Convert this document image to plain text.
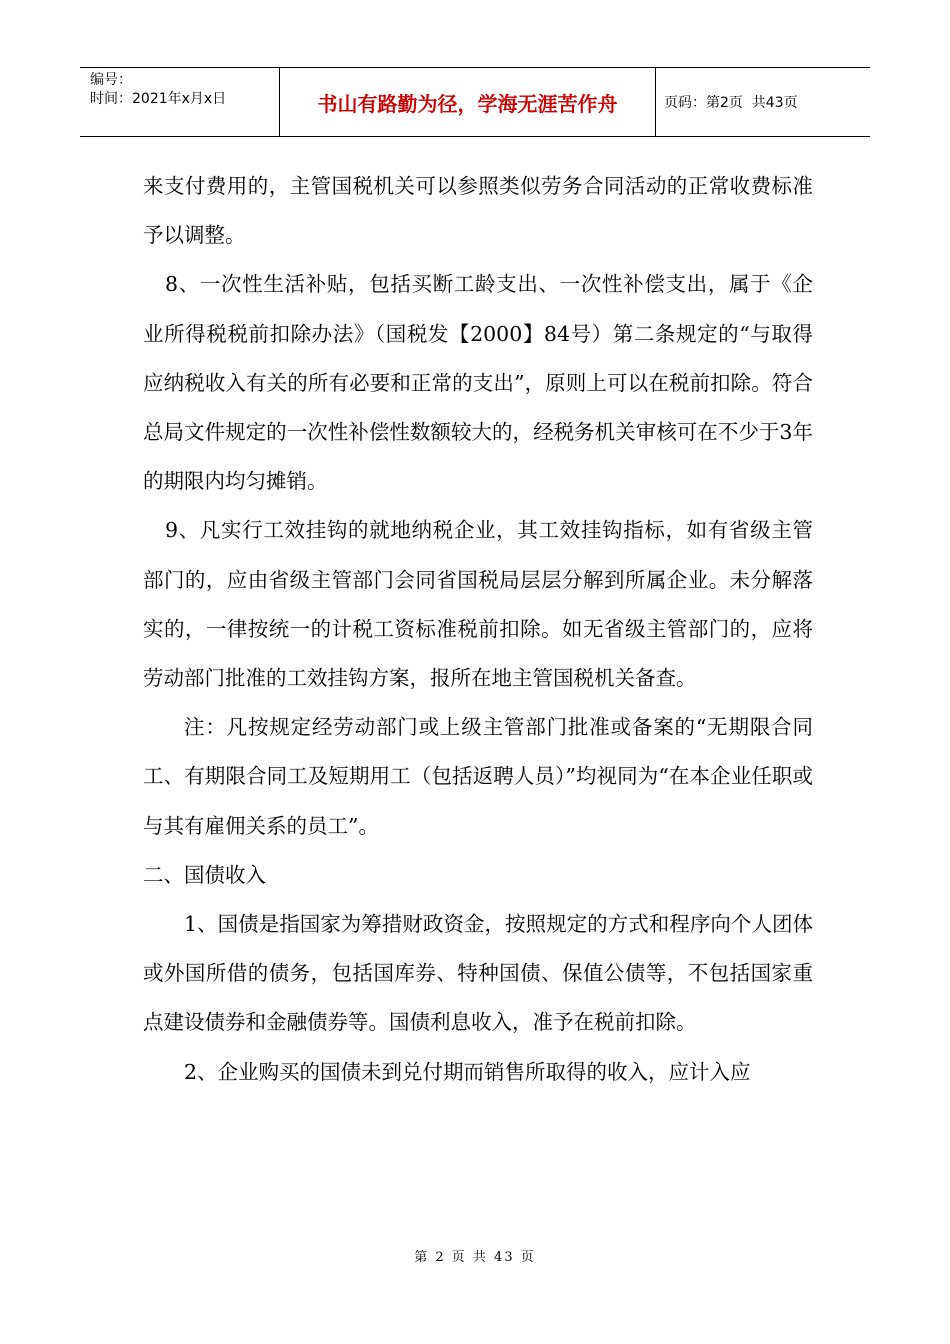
编号：
时间：2021年x月x日	书山有路勤为径，学海无涯苦作舟	页码：第2页  共43页

来支付费用的，主管国税机关可以参照类似劳务合同活动的正常收费标准予以调整。

8、一次性生活补贴，包括买断工龄支出、一次性补偿支出，属于《企业所得税税前扣除办法》（国税发【2000】84号）第二条规定的“与取得应纳税收入有关的所有必要和正常的支出”，原则上可以在税前扣除。符合总局文件规定的一次性补偿性数额较大的，经税务机关审核可在不少于3年的期限内均匀摊销。

9、凡实行工效挂钩的就地纳税企业，其工效挂钩指标，如有省级主管部门的，应由省级主管部门会同省国税局层层分解到所属企业。未分解落实的，一律按统一的计税工资标准税前扣除。如无省级主管部门的，应将劳动部门批准的工效挂钩方案，报所在地主管国税机关备查。

注：凡按规定经劳动部门或上级主管部门批准或备案的“无期限合同工、有期限合同工及短期用工（包括返聘人员）”均视同为“在本企业任职或与其有雇佣关系的员工”。

二、国债收入

1、国债是指国家为筹措财政资金，按照规定的方式和程序向个人团体或外国所借的债务，包括国库券、特种国债、保值公债等，不包括国家重点建设债券和金融债券等。国债利息收入，准予在税前扣除。

2、企业购买的国债未到兑付期而销售所取得的收入，应计入应

第 2 页 共 43 页
